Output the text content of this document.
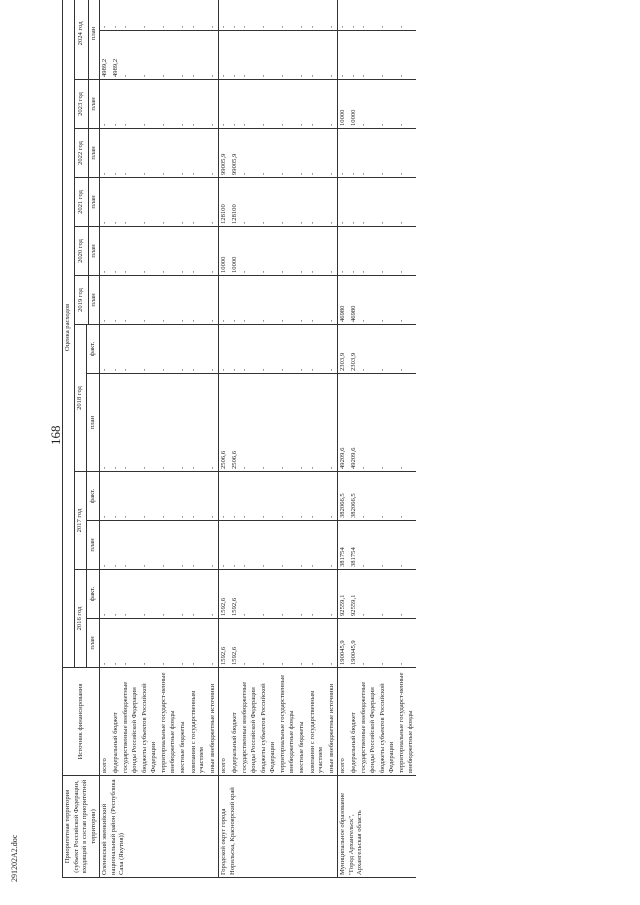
168
291202A2.doc	Приоритетная территория (субъект Российской Федерации, входящий в состав приоритетной территории)	Источник финансирования	Оценка расходов												
		2016 год		2017 год		2018 год		2019 год	2020 год	2021 год	2022 год	2023 год	2024 год	
		план	факт.	план	факт.	план	факт.							
								план	план	план	план	план	план	
Оленекский эвенкийский национальный район (Республика Саха (Якутия))	всего	-	-	-	-	-	-	-	-	-	-	-	4989,2	-
	федеральный бюджет	-	-	-	-	-	-	-	-	-	-	-	4989,2	-
	государственные внебюджетные фонды Российской Федерации	-	-	-	-	-	-	-	-	-	-	-	-	-
	бюджеты субъектов Российской Федерации	-	-	-	-	-	-	-	-	-	-	-	-	-
	территориальные государст-венные внебюджетные фонды	-	-	-	-	-	-	-	-	-	-	-	-	-
	местные бюджеты	-	-	-	-	-	-	-	-	-	-	-	-	-
	компании с государственным участием	-	-	-	-	-	-	-	-	-	-	-	-	-
	иные внебюджетные источники	-	-	-	-	-	-	-	-	-	-	-	-	-
Городской округ города Норильска, Красноярский край	всего	1592,6	1592,6	-	-	2506,6	-	-	10000	128100	99005,9	-	-	-
	федеральный бюджет	1592,6	1592,6	-	-	2506,6	-	-	10000	128100	99005,9	-	-	-
	государственные внебюджетные фонды Российской Федерации	-	-	-	-	-	-	-	-	-	-	-	-	-
	бюджеты субъектов Российской Федерации	-	-	-	-	-	-	-	-	-	-	-	-	-
	территориальные государственные внебюджетные фонды	-	-	-	-	-	-	-	-	-	-	-	-	-
	местные бюджеты	-	-	-	-	-	-	-	-	-	-	-	-	-
	компании с государственным участием	-	-	-	-	-	-	-	-	-	-	-	-	-
	иные внебюджетные источники	-	-	-	-	-	-	-	-	-	-	-	-	-
Муниципальное образование "Город Архангельск", Архангельская область	всего	190045,9	92559,1	381754	382066,5	49209,6	2303,9	46980	-	-	-	10000	-	-
	федеральный бюджет	190045,9	92559,1	381754	382066,5	49209,6	2303,9	46980	-	-	-	10000	-	-
	государственные внебюджетные фонды Российской Федерации	-	-	-	-	-	-	-	-	-	-	-	-	-
	бюджеты субъектов Российской Федерации	-	-	-	-	-	-	-	-	-	-	-	-	-
	территориальные государст-венные внебюджетные фонды	-	-	-	-	-	-	-	-	-	-	-	-	-
